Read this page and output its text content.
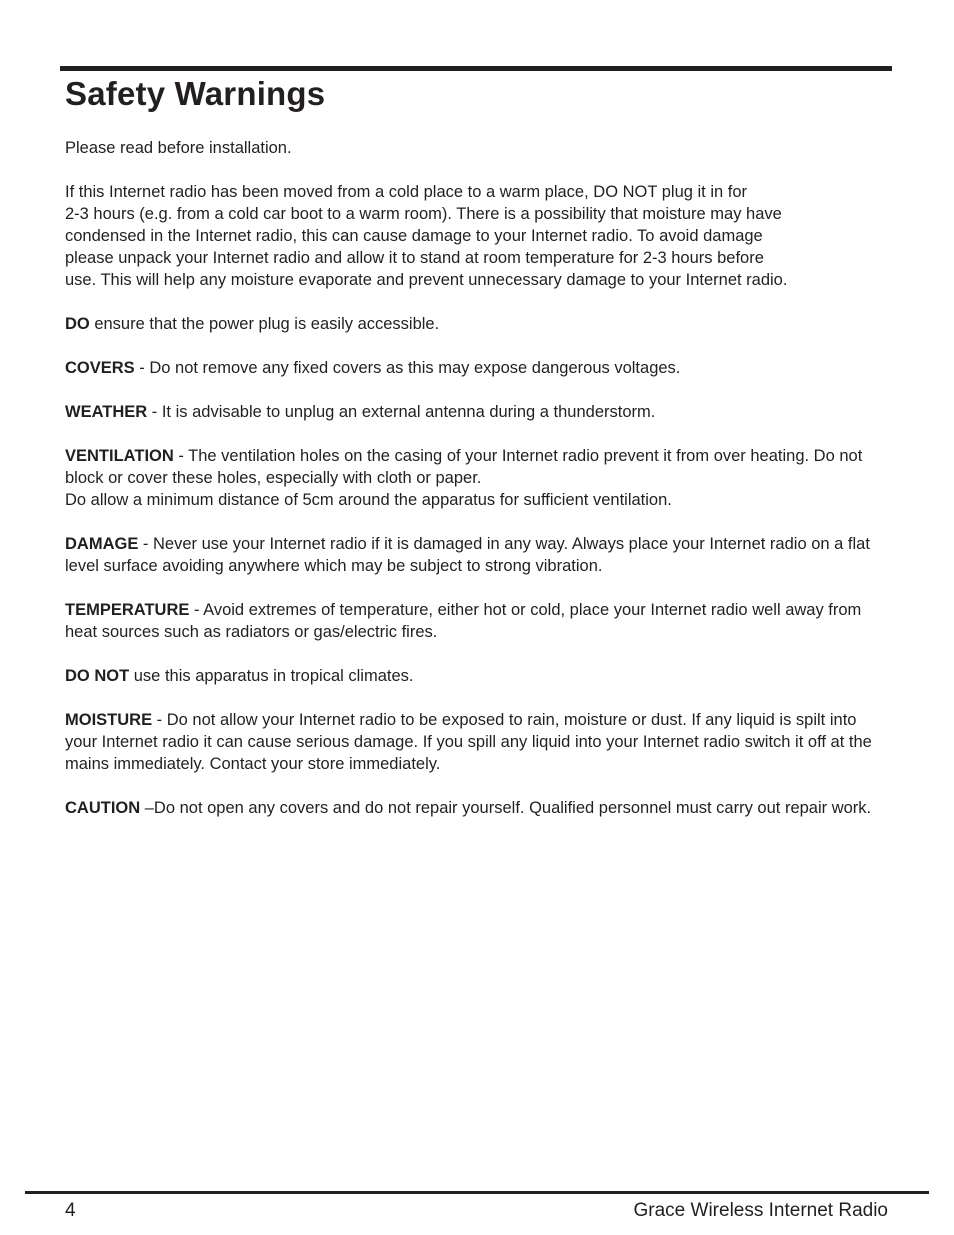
Safety Warnings

Please read before installation.

If this Internet radio has been moved from a cold place to a warm place, DO NOT plug it in for
2-3 hours (e.g. from a cold car boot to a warm room). There is a possibility that moisture may have
condensed in the Internet radio, this can cause damage to your Internet radio. To avoid damage
please unpack your Internet radio and allow it to stand at room temperature for 2-3 hours before
use. This will help any moisture evaporate and prevent unnecessary damage to your Internet radio.

DO ensure that the power plug is easily accessible.

COVERS - Do not remove any fixed covers as this may expose dangerous voltages.

WEATHER - It is advisable to unplug an external antenna during a thunderstorm.

VENTILATION - The ventilation holes on the casing of your Internet radio prevent it from over heating. Do not block or cover these holes, especially with cloth or paper.
Do allow a minimum distance of 5cm around the apparatus for sufficient ventilation.

DAMAGE - Never use your Internet radio if it is damaged in any way. Always place your Internet radio on a flat level surface avoiding anywhere which may be subject to strong vibration.

TEMPERATURE - Avoid extremes of temperature, either hot or cold, place your Internet radio well away from heat sources such as radiators or gas/electric fires.

DO NOT use this apparatus in tropical climates.

MOISTURE - Do not allow your Internet radio to be exposed to rain, moisture or dust. If any liquid is spilt into your Internet radio it can cause serious damage. If you spill any liquid into your Internet radio switch it off at the mains immediately. Contact your store immediately.

CAUTION –Do not open any covers and do not repair yourself. Qualified personnel must carry out repair work.

4	Grace Wireless Internet Radio
